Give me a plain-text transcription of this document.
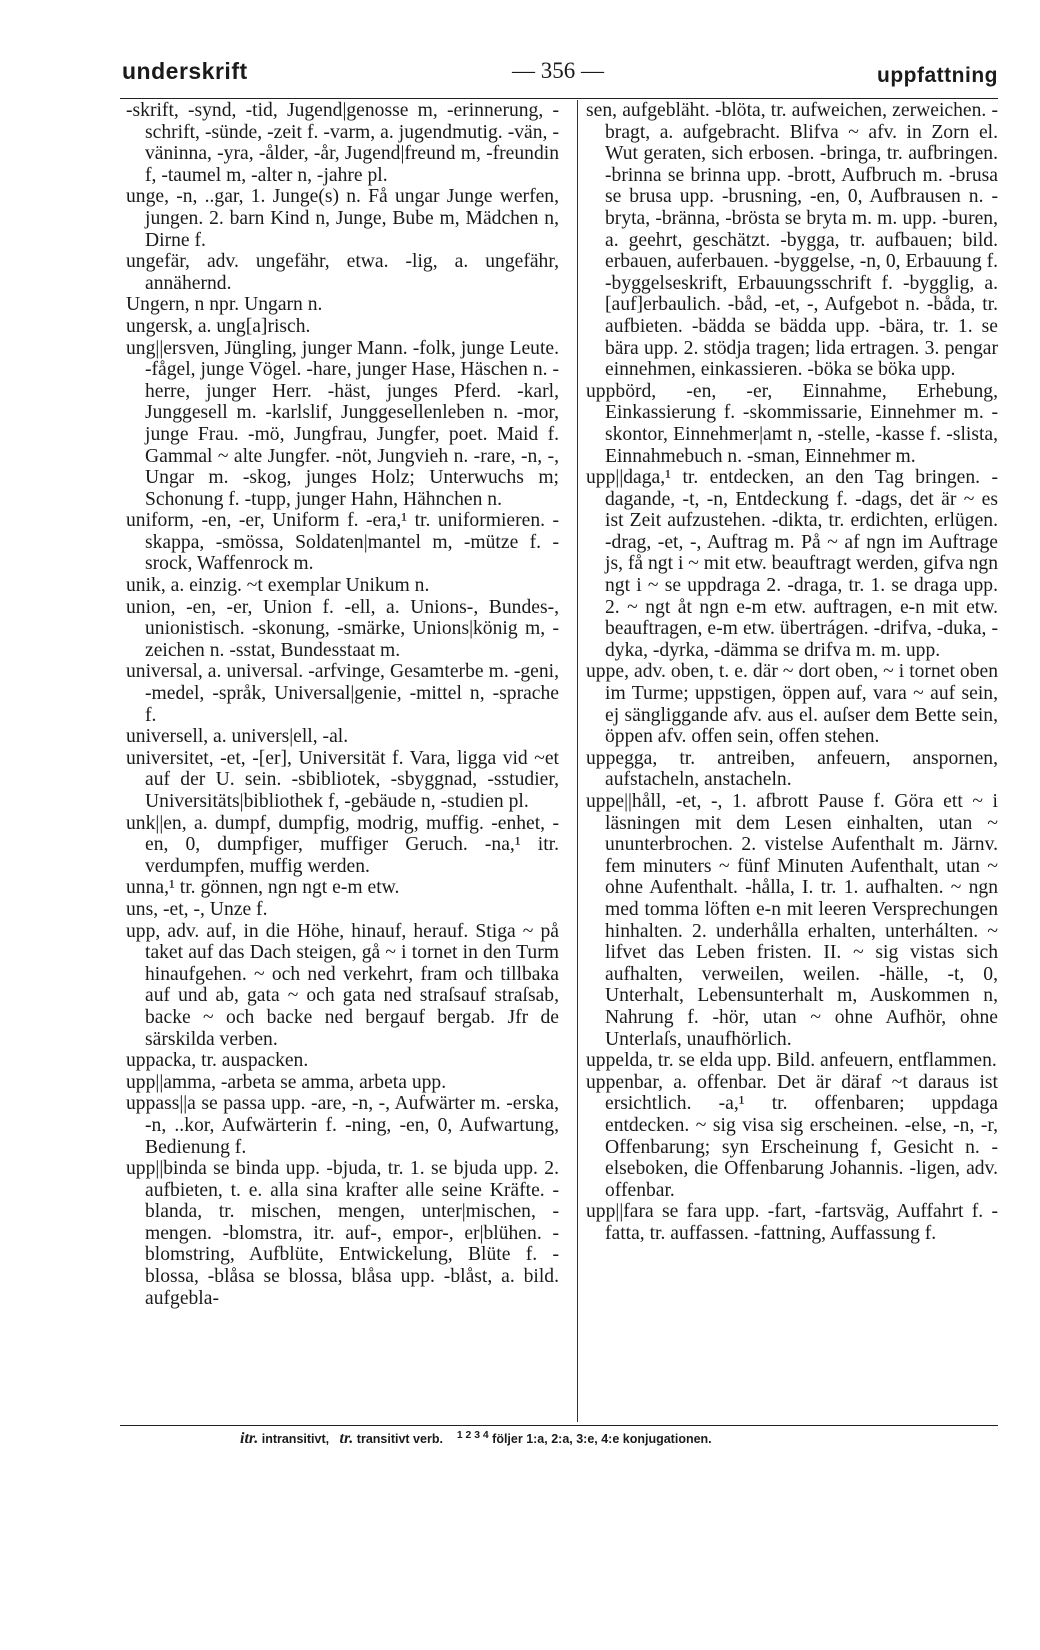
underskrift	— 356 —	uppfattning

-skrift, -synd, -tid, Jugend|genosse m, -erinnerung, -schrift, -sünde, -zeit f. -varm, a. jugendmutig. -vän, -väninna, -yra, -ålder, -år, Jugend|freund m, -freundin f, -taumel m, -alter n, -jahre pl.

unge, -n, ..gar, 1. Junge(s) n. Få ungar Junge werfen, jungen. 2. barn Kind n, Junge, Bube m, Mädchen n, Dirne f.

ungefär, adv. ungefähr, etwa. -lig, a. ungefähr, annähernd.

Ungern, n npr. Ungarn n.

ungersk, a. ung[a]risch.

ung||ersven, Jüngling, junger Mann. -folk, junge Leute. -fågel, junge Vögel. -hare, junger Hase, Häschen n. -herre, junger Herr. -häst, junges Pferd. -karl, Junggesell m. -karlslif, Junggesellenleben n. -mor, junge Frau. -mö, Jungfrau, Jungfer, poet. Maid f. Gammal ~ alte Jungfer. -nöt, Jungvieh n. -rare, -n, -, Ungar m. -skog, junges Holz; Unterwuchs m; Schonung f. -tupp, junger Hahn, Hähnchen n.

uniform, -en, -er, Uniform f. -era,¹ tr. uniformieren. -skappa, -smössa, Soldaten|mantel m, -mütze f. -srock, Waffenrock m.

unik, a. einzig. ~t exemplar Unikum n.

union, -en, -er, Union f. -ell, a. Unions-, Bundes-, unionistisch. -skonung, -smärke, Unions|könig m, -zeichen n. -sstat, Bundesstaat m.

universal, a. universal. -arfvinge, Gesamterbe m. -geni, -medel, -språk, Universal|genie, -mittel n, -sprache f.

universell, a. univers|ell, -al.

universitet, -et, -[er], Universität f. Vara, ligga vid ~et auf der U. sein. -sbibliotek, -sbyggnad, -sstudier, Universitäts|bibliothek f, -gebäude n, -studien pl.

unk||en, a. dumpf, dumpfig, modrig, muffig. -enhet, -en, 0, dumpfiger, muffiger Geruch. -na,¹ itr. verdumpfen, muffig werden.

unna,¹ tr. gönnen, ngn ngt e-m etw.

uns, -et, -, Unze f.

upp, adv. auf, in die Höhe, hinauf, herauf. Stiga ~ på taket auf das Dach steigen, gå ~ i tornet in den Turm hinaufgehen. ~ och ned verkehrt, fram och tillbaka auf und ab, gata ~ och gata ned straſsauf straſsab, backe ~ och backe ned bergauf bergab. Jfr de särskilda verben.

uppacka, tr. auspacken.

upp||amma, -arbeta se amma, arbeta upp.

uppass||a se passa upp. -are, -n, -, Aufwärter m. -erska, -n, ..kor, Aufwärterin f. -ning, -en, 0, Aufwartung, Bedienung f.

upp||binda se binda upp. -bjuda, tr. 1. se bjuda upp. 2. aufbieten, t. e. alla sina krafter alle seine Kräfte. -blanda, tr. mischen, mengen, unter|mischen, -mengen. -blomstra, itr. auf-, empor-, er|blühen. -blomstring, Aufblüte, Entwickelung, Blüte f. -blossa, -blåsa se blossa, blåsa upp. -blåst, a. bild. aufgebla-

sen, aufgebläht. -blöta, tr. aufweichen, zerweichen. -bragt, a. aufgebracht. Blifva ~ afv. in Zorn el. Wut geraten, sich erbosen. -bringa, tr. aufbringen. -brinna se brinna upp. -brott, Aufbruch m. -brusa se brusa upp. -brusning, -en, 0, Aufbrausen n. -bryta, -bränna, -brösta se bryta m. m. upp. -buren, a. geehrt, geschätzt. -bygga, tr. aufbauen; bild. erbauen, auferbauen. -byggelse, -n, 0, Erbauung f. -byggelseskrift, Erbauungsschrift f. -bygglig, a. [auf]erbaulich. -båd, -et, -, Aufgebot n. -båda, tr. aufbieten. -bädda se bädda upp. -bära, tr. 1. se bära upp. 2. stödja tragen; lida ertragen. 3. pengar einnehmen, einkassieren. -böka se böka upp.

uppbörd, -en, -er, Einnahme, Erhebung, Einkassierung f. -skommissarie, Einnehmer m. -skontor, Einnehmer|amt n, -stelle, -kasse f. -slista, Einnahmebuch n. -sman, Einnehmer m.

upp||daga,¹ tr. entdecken, an den Tag bringen. -dagande, -t, -n, Entdeckung f. -dags, det är ~ es ist Zeit aufzustehen. -dikta, tr. erdichten, erlügen. -drag, -et, -, Auftrag m. På ~ af ngn im Auftrage js, få ngt i ~ mit etw. beauftragt werden, gifva ngn ngt i ~ se uppdraga 2. -draga, tr. 1. se draga upp. 2. ~ ngt åt ngn e-m etw. auftragen, e-n mit etw. beauftragen, e-m etw. übertrágen. -drifva, -duka, -dyka, -dyrka, -dämma se drifva m. m. upp.

uppe, adv. oben, t. e. där ~ dort oben, ~ i tornet oben im Turme; uppstigen, öppen auf, vara ~ auf sein, ej sängliggande afv. aus el. auſser dem Bette sein, öppen afv. offen sein, offen stehen.

uppegga, tr. antreiben, anfeuern, anspornen, aufstacheln, anstacheln.

uppe||håll, -et, -, 1. afbrott Pause f. Göra ett ~ i läsningen mit dem Lesen einhalten, utan ~ ununterbrochen. 2. vistelse Aufenthalt m. Järnv. fem minuters ~ fünf Minuten Aufenthalt, utan ~ ohne Aufenthalt. -hålla, I. tr. 1. aufhalten. ~ ngn med tomma löften e-n mit leeren Versprechungen hinhalten. 2. underhålla erhalten, unterhálten. ~ lifvet das Leben fristen. II. ~ sig vistas sich aufhalten, verweilen, weilen. -hälle, -t, 0, Unterhalt, Lebensunterhalt m, Auskommen n, Nahrung f. -hör, utan ~ ohne Aufhör, ohne Unterlaſs, unaufhörlich.

uppelda, tr. se elda upp. Bild. anfeuern, entflammen.

uppenbar, a. offenbar. Det är däraf ~t daraus ist ersichtlich. -a,¹ tr. offenbaren; uppdaga entdecken. ~ sig visa sig erscheinen. -else, -n, -r, Offenbarung; syn Erscheinung f, Gesicht n. -elseboken, die Offenbarung Johannis. -ligen, adv. offenbar.

upp||fara se fara upp. -fart, -fartsväg, Auffahrt f. -fatta, tr. auffassen. -fattning, Auffassung f.

itr. intransitivt, tr. transitivt verb. $^{1 2 3 4}$ följer 1:a, 2:a, 3:e, 4:e konjugationen.
